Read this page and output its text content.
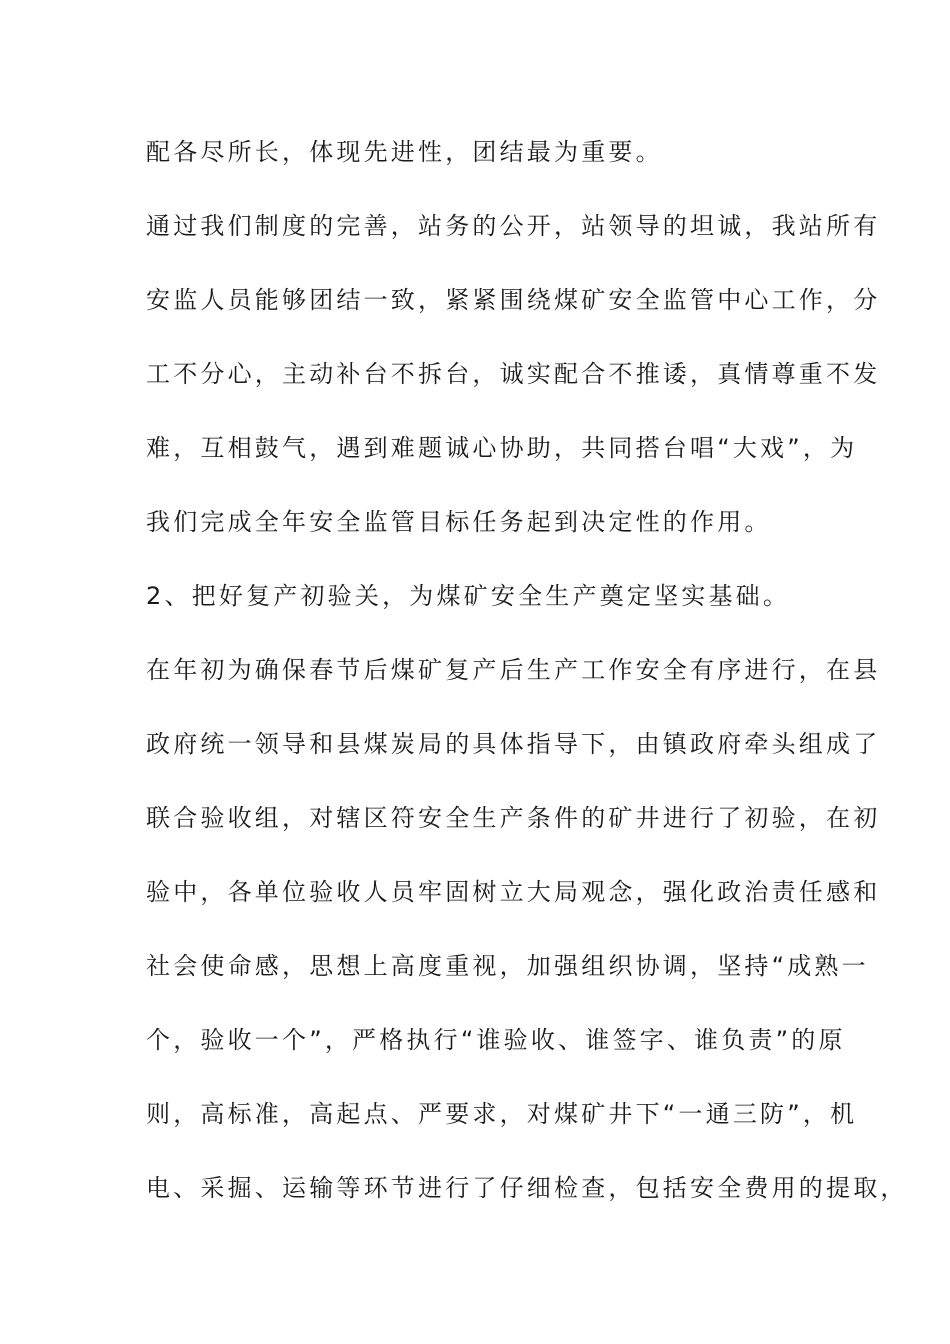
配各尽所长，体现先进性，团结最为重要。
通过我们制度的完善，站务的公开，站领导的坦诚，我站所有
安监人员能够团结一致，紧紧围绕煤矿安全监管中心工作，分
工不分心，主动补台不拆台，诚实配合不推诿，真情尊重不发
难，互相鼓气，遇到难题诚心协助，共同搭台唱“大戏”，为
我们完成全年安全监管目标任务起到决定性的作用。
2、把好复产初验关，为煤矿安全生产奠定坚实基础。
在年初为确保春节后煤矿复产后生产工作安全有序进行，在县
政府统一领导和县煤炭局的具体指导下，由镇政府牵头组成了
联合验收组，对辖区符安全生产条件的矿井进行了初验，在初
验中，各单位验收人员牢固树立大局观念，强化政治责任感和
社会使命感，思想上高度重视，加强组织协调，坚持“成熟一
个，验收一个”，严格执行“谁验收、谁签字、谁负责”的原
则，高标准，高起点、严要求，对煤矿井下“一通三防”，机
电、采掘、运输等环节进行了仔细检查，包括安全费用的提取，
